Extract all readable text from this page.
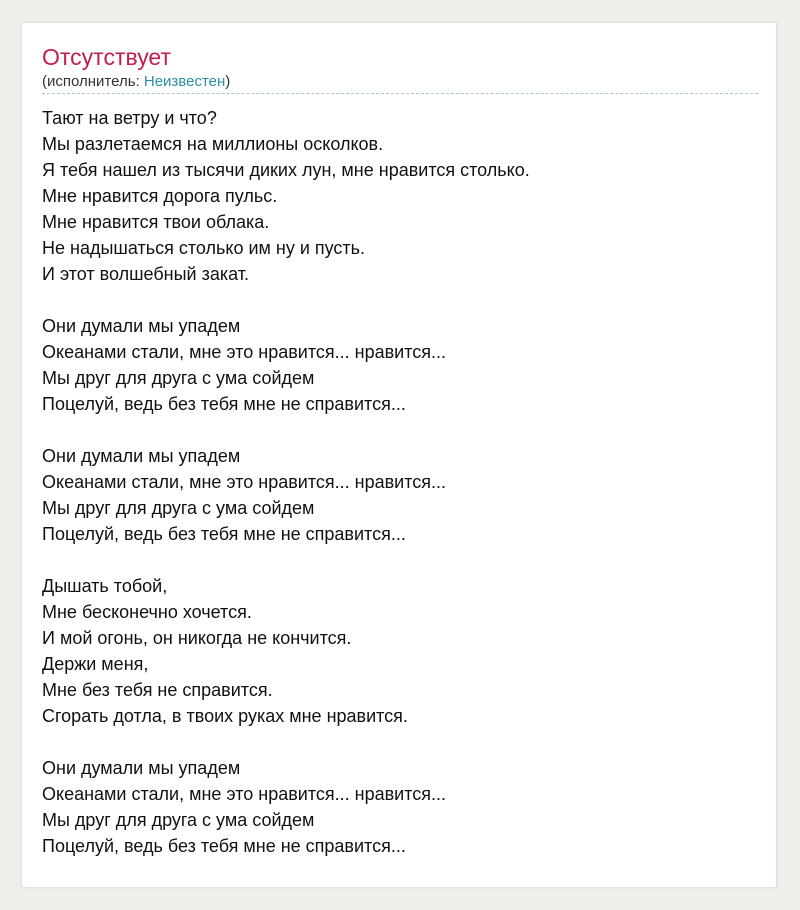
Отсутствует
(исполнитель: Неизвестен)

Тают на ветру и что?
Мы разлетаемся на миллионы осколков.
Я тебя нашел из тысячи диких лун, мне нравится столько.
Мне нравится дорога пульс.
Мне нравится твои облака.
Не надышаться столько им ну и пусть.
И этот волшебный закат.

Они думали мы упадем
Океанами стали, мне это нравится... нравится...
Мы друг для друга с ума сойдем
Поцелуй, ведь без тебя мне не справится...

Они думали мы упадем
Океанами стали, мне это нравится... нравится...
Мы друг для друга с ума сойдем
Поцелуй, ведь без тебя мне не справится...

Дышать тобой,
Мне бесконечно хочется.
И мой огонь, он никогда не кончится.
Держи меня,
Мне без тебя не справится.
Сгорать дотла, в твоих руках мне нравится.

Они думали мы упадем
Океанами стали, мне это нравится... нравится...
Мы друг для друга с ума сойдем
Поцелуй, ведь без тебя мне не справится...
